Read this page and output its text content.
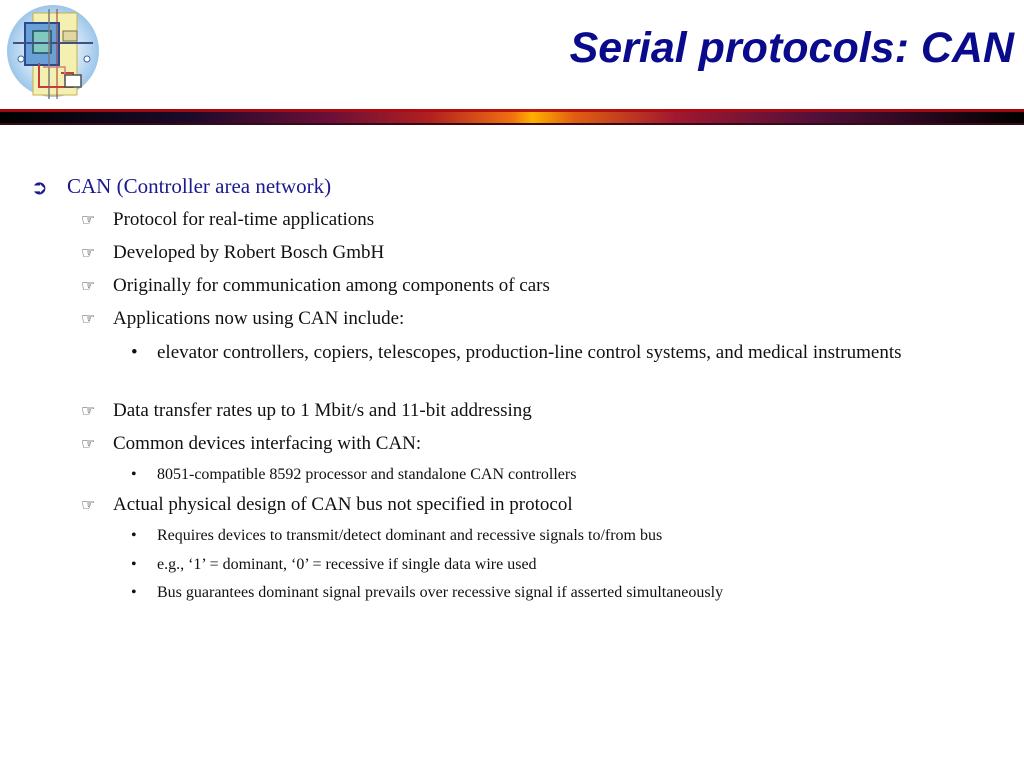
Serial protocols: CAN
➲ CAN (Controller area network)
☞ Protocol for real-time applications
☞ Developed by Robert Bosch GmbH
☞ Originally for communication among components of cars
☞ Applications now using CAN include:
• elevator controllers, copiers, telescopes, production-line control systems, and medical instruments
☞ Data transfer rates up to 1 Mbit/s and 11-bit addressing
☞ Common devices interfacing with CAN:
• 8051-compatible 8592 processor and standalone CAN controllers
☞ Actual physical design of CAN bus not specified in protocol
• Requires devices to transmit/detect dominant and recessive signals to/from bus
• e.g., ‘1’ = dominant, ‘0’ = recessive if single data wire used
• Bus guarantees dominant signal prevails over recessive signal if asserted simultaneously
